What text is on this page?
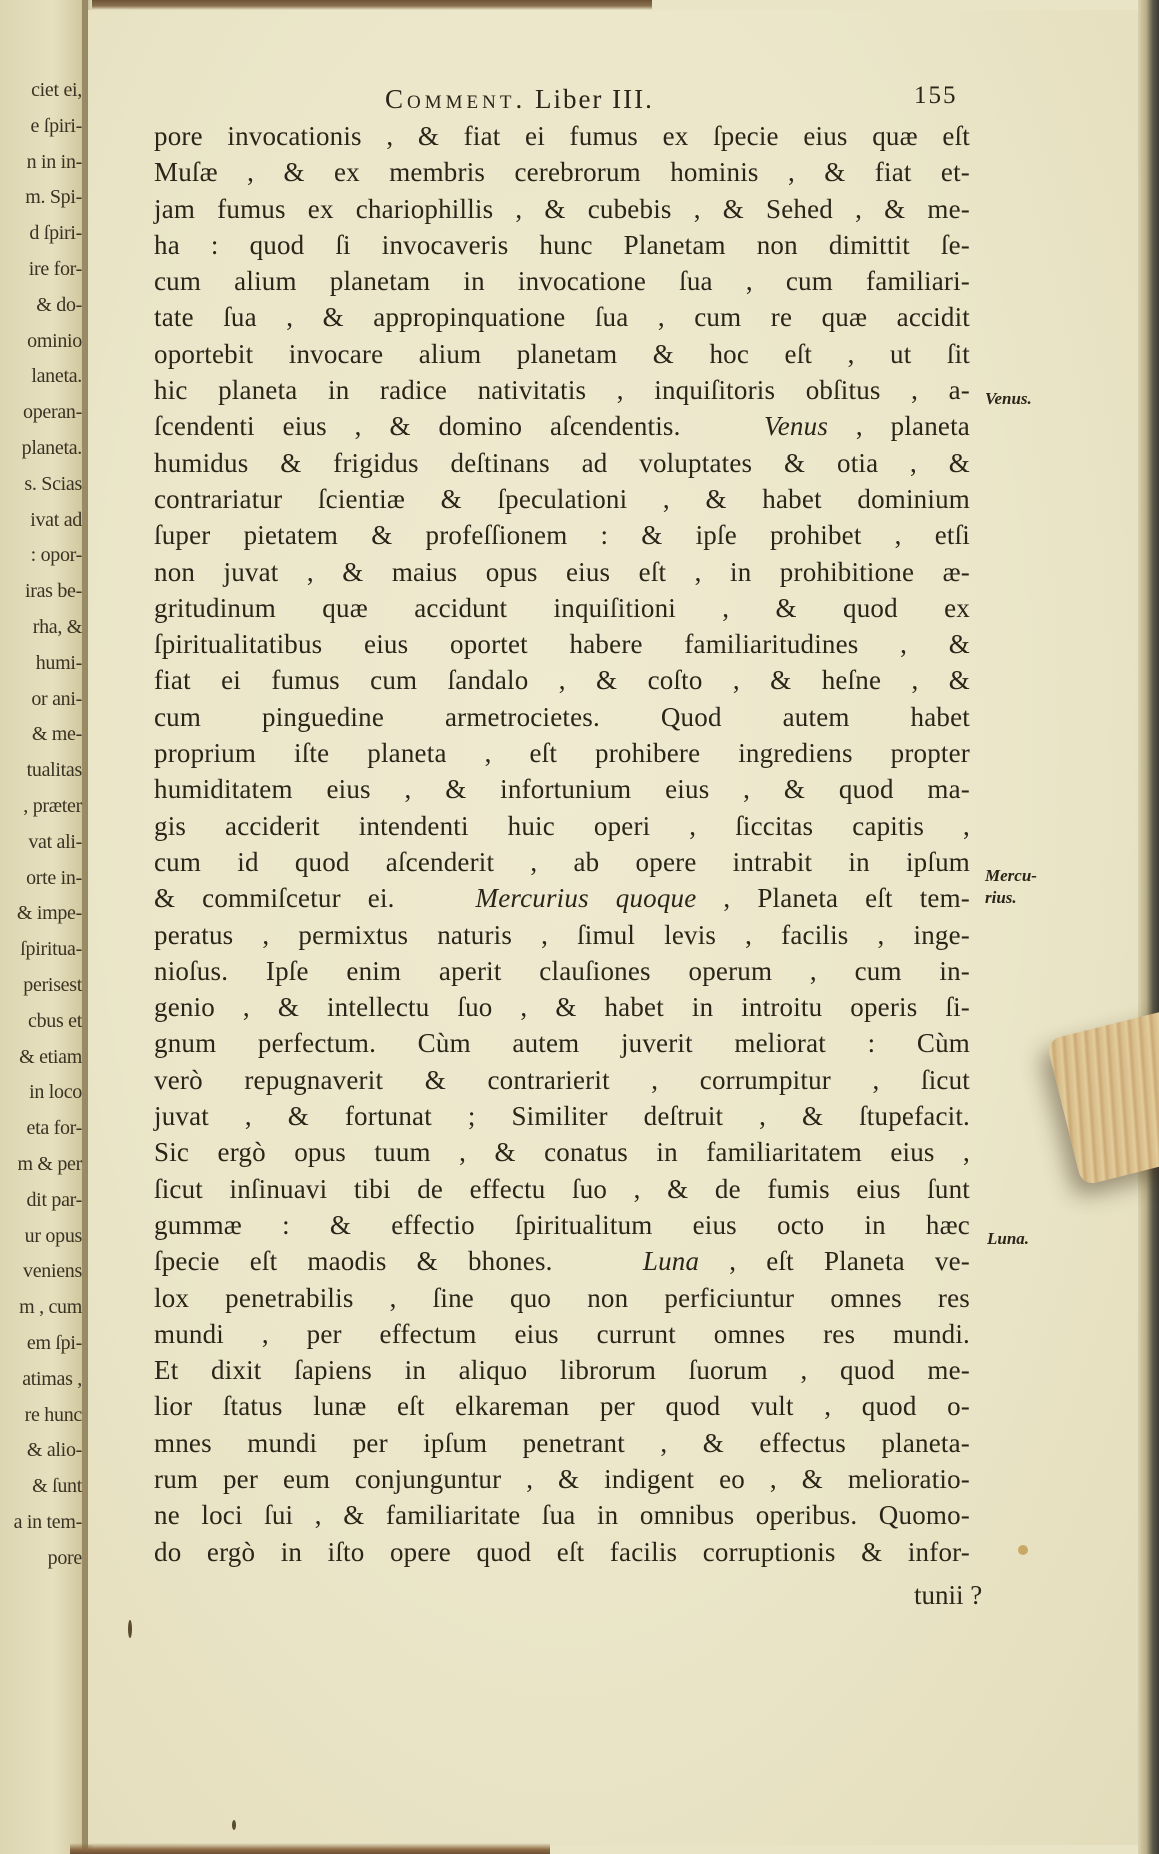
ciet ei,
e ſpiri-
n in in-
m. Spi-
d ſpiri-
ire for-
& do-
ominio
laneta.
operan-
planeta.
s. Scias
ivat ad
: opor-
iras be-
rha, &
humi-
or ani-
& me-
tualitas
, præter
vat ali-
orte in-
& impe-
ſpiritua-
perisest
cbus et
& etiam
in loco
eta for-
m & per
dit par-
ur opus
veniens
m , cum
em ſpi-
atimas ,
re hunc
& alio-
& ſunt
a in tem-
pore
Comment. Liber III.	155
pore invocationis , & fiat ei fumus ex ſpecie eius quæ eſt
Muſæ , & ex membris cerebrorum hominis , & fiat et-
jam fumus ex chariophillis , & cubebis , & Sehed , & me-
ha : quod ſi invocaveris hunc Planetam non dimittit ſe-
cum alium planetam in invocatione ſua , cum familiari-
tate ſua , & appropinquatione ſua , cum re quæ accidit
oportebit invocare alium planetam & hoc eſt , ut ſit
hic planeta in radice nativitatis , inquiſitoris obſitus , a-
ſcendenti eius , & domino aſcendentis.	Venus , planeta
humidus & frigidus deſtinans ad voluptates & otia , &
contrariatur ſcientiæ & ſpeculationi , & habet dominium
ſuper pietatem & profeſſionem : & ipſe prohibet , etſi
non juvat , & maius opus eius eſt , in prohibitione æ-
gritudinum quæ accidunt inquiſitioni , & quod ex
ſpiritualitatibus eius oportet habere familiaritudines , &
fiat ei fumus cum ſandalo , & coſto , & heſne , &
cum pinguedine armetrocietes. Quod autem habet
proprium iſte planeta , eſt prohibere ingrediens propter
humiditatem eius , & infortunium eius , & quod ma-
gis acciderit intendenti huic operi , ſiccitas capitis ,
cum id quod aſcenderit , ab opere intrabit in ipſum
& commiſcetur ei.	Mercurius quoque , Planeta eſt tem-
peratus , permixtus naturis , ſimul levis , facilis , inge-
nioſus. Ipſe enim aperit clauſiones operum , cum in-
genio , & intellectu ſuo , & habet in introitu operis ſi-
gnum perfectum. Cùm autem juverit meliorat : Cùm
verò repugnaverit & contrarierit , corrumpitur , ſicut
juvat , & fortunat ; Similiter deſtruit , & ſtupefacit.
Sic ergò opus tuum , & conatus in familiaritatem eius ,
ſicut inſinuavi tibi de effectu ſuo , & de fumis eius ſunt
gummæ : & effectio ſpiritualitum eius octo in hæc
ſpecie eſt maodis & bhones.	Luna , eſt Planeta ve-
lox penetrabilis , ſine quo non perficiuntur omnes res
mundi , per effectum eius currunt omnes res mundi.
Et dixit ſapiens in aliquo librorum ſuorum , quod me-
lior ſtatus lunæ eſt elkareman per quod vult , quod o-
mnes mundi per ipſum penetrant , & effectus planeta-
rum per eum conjunguntur , & indigent eo , & melioratio-
ne loci ſui , & familiaritate ſua in omnibus operibus. Quomo-
do ergò in iſto opere quod eſt facilis corruptionis & infor-
tunii ?
Venus.
Mercu-
rius.
Luna.
